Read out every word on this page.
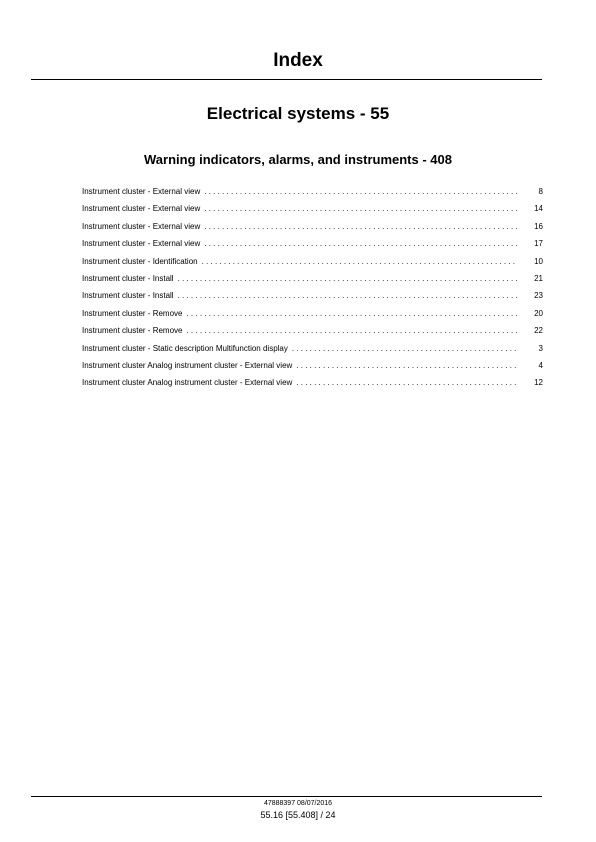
Index
Electrical systems - 55
Warning indicators, alarms, and instruments - 408
Instrument cluster - External view . . .	8
Instrument cluster - External view . . .	14
Instrument cluster - External view . . .	16
Instrument cluster - External view . . .	17
Instrument cluster - Identification . . .	10
Instrument cluster - Install . . .	21
Instrument cluster - Install . . .	23
Instrument cluster - Remove . . .	20
Instrument cluster - Remove . . .	22
Instrument cluster - Static description Multifunction display . . .	3
Instrument cluster Analog instrument cluster - External view . . .	4
Instrument cluster Analog instrument cluster - External view . . .	12
47888397 08/07/2016
55.16 [55.408] / 24
